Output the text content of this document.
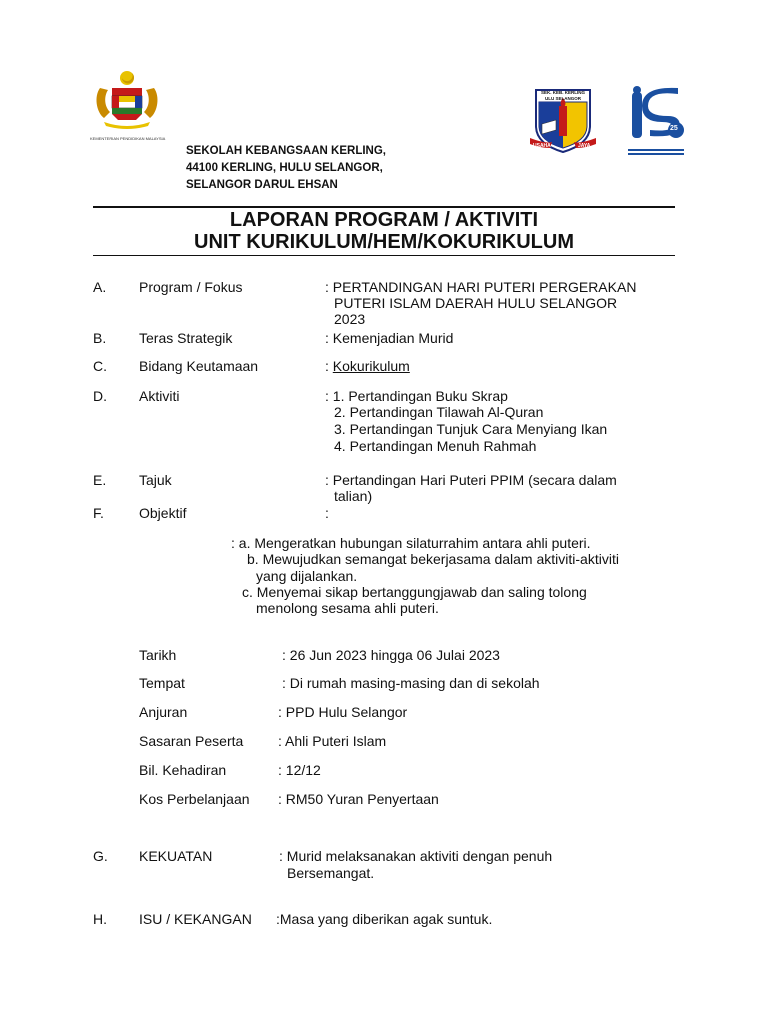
KEMENTERIAN PENDIDIKAN MALAYSIA
SEK. KEB. KERLING
ULU SELANGOR
USAHA	JAYA
25
SEKOLAH KEBANGSAAN KERLING,
44100 KERLING, HULU SELANGOR,
SELANGOR DARUL EHSAN
LAPORAN PROGRAM / AKTIVITI
UNIT KURIKULUM/HEM/KOKURIKULUM
A. Program / Fokus	: PERTANDINGAN HARI PUTERI PERGERAKAN
PUTERI ISLAM DAERAH HULU SELANGOR
2023
B. Teras Strategik	: Kemenjadian Murid
C. Bidang Keutamaan	: Kokurikulum
D. Aktiviti	: 1. Pertandingan Buku Skrap
2. Pertandingan Tilawah Al-Quran
3. Pertandingan Tunjuk Cara Menyiang Ikan
4. Pertandingan Menuh Rahmah
E. Tajuk	: Pertandingan Hari Puteri PPIM (secara dalam
talian)
F.	Objektif	:
: a. Mengeratkan hubungan silaturrahim antara ahli puteri.
b. Mewujudkan semangat bekerjasama dalam aktiviti-aktiviti
yang dijalankan.
c. Menyemai sikap bertanggungjawab dan saling tolong
menolong sesama ahli puteri.
Tarikh	: 26 Jun 2023 hingga 06 Julai 2023
Tempat	: Di rumah masing-masing dan di sekolah
Anjuran	: PPD Hulu Selangor
Sasaran Peserta : Ahli Puteri Islam
Bil. Kehadiran	: 12/12
Kos Perbelanjaan : RM50 Yuran Penyertaan
G. KEKUATAN	: Murid melaksanakan aktiviti dengan penuh
Bersemangat.
H. ISU / KEKANGAN :Masa yang diberikan agak suntuk.
